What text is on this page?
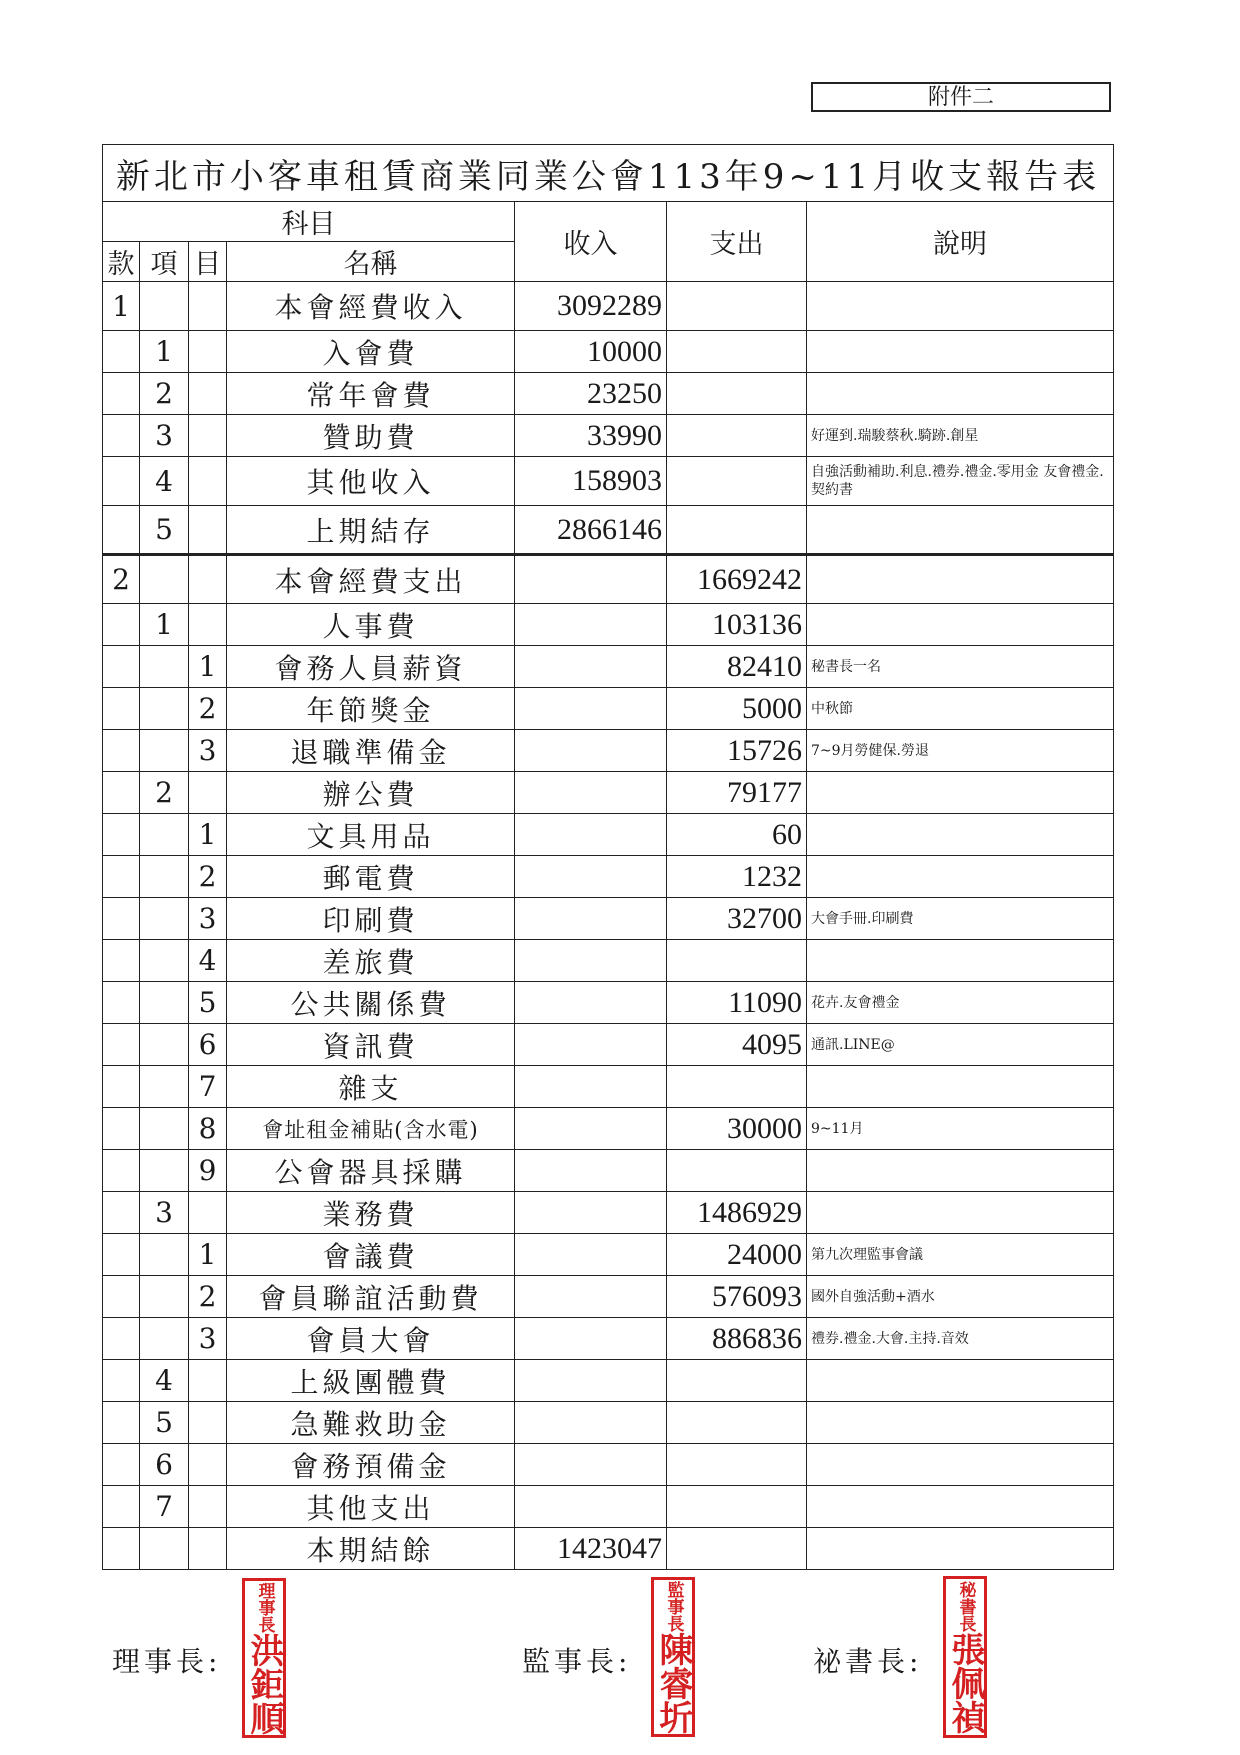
附件二
新北市小客車租賃商業同業公會113年9~11月收支報告表						
科目				收入	支出	說明
款	項	目	名稱			
1			本會經費收入	3092289		
	1		入會費	10000		
	2		常年會費	23250		
	3		贊助費	33990		好運到.瑞駿蔡秋.騎跡.創星
	4		其他收入	158903		自強活動補助.利息.禮券.禮金.零用金 友會禮金.契約書
	5		上期結存	2866146		
2			本會經費支出		1669242	
	1		人事費		103136	
		1	會務人員薪資		82410	秘書長一名
		2	年節獎金		5000	中秋節
		3	退職準備金		15726	7~9月勞健保.勞退
	2		辦公費		79177	
		1	文具用品		60	
		2	郵電費		1232	
		3	印刷費		32700	大會手冊.印刷費
		4	差旅費			
		5	公共關係費		11090	花卉.友會禮金
		6	資訊費		4095	通訊.LINE@
		7	雜支			
		8	會址租金補貼(含水電)		30000	9~11月
		9	公會器具採購			
	3		業務費		1486929	
		1	會議費		24000	第九次理監事會議
		2	會員聯誼活動費		576093	國外自強活動+酒水
		3	會員大會		886836	禮券.禮金.大會.主持.音效
	4		上級團體費			
	5		急難救助金			
	6		會務預備金			
	7		其他支出			
			本期結餘	1423047		
理事長:
理事長
洪鉅順	監事長:
監事長
陳睿圻	祕書長:
秘書長
張佩禎
